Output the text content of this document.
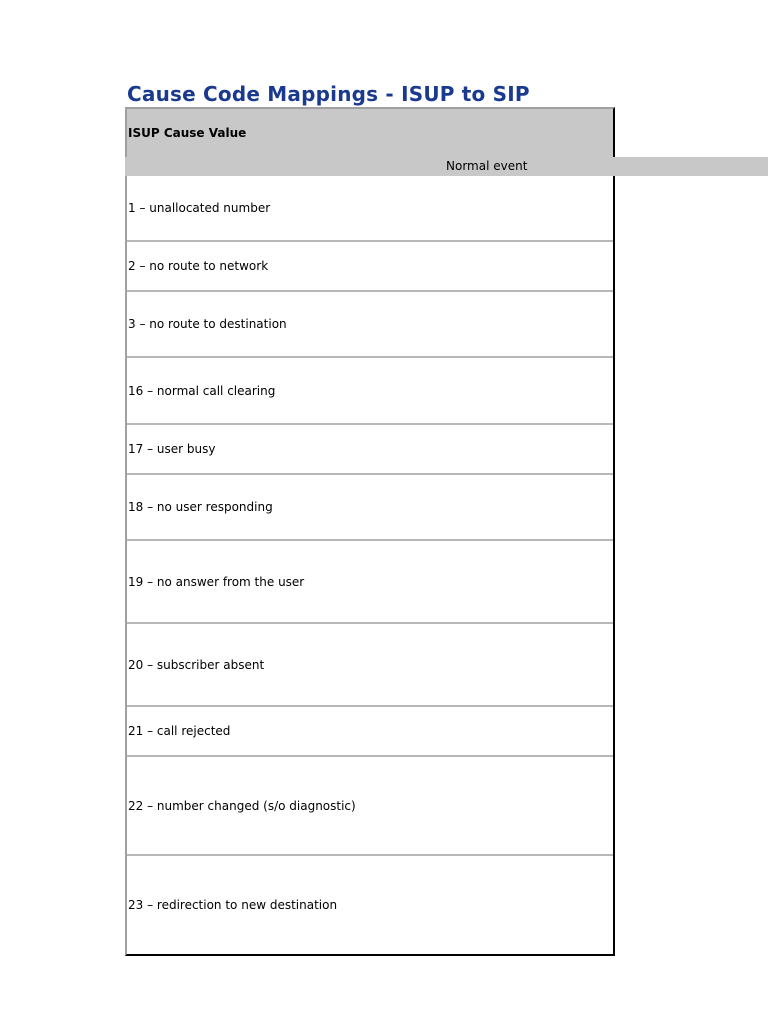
Cause Code Mappings - ISUP to SIP
ISUP Cause Value
Normal event
1 – unallocated number
2 – no route to network
3 – no route to destination
16 – normal call clearing
17 – user busy
18 – no user responding
19 – no answer from the user
20 – subscriber absent
21 – call rejected
22 – number changed (s/o diagnostic)
23 – redirection to new destination
